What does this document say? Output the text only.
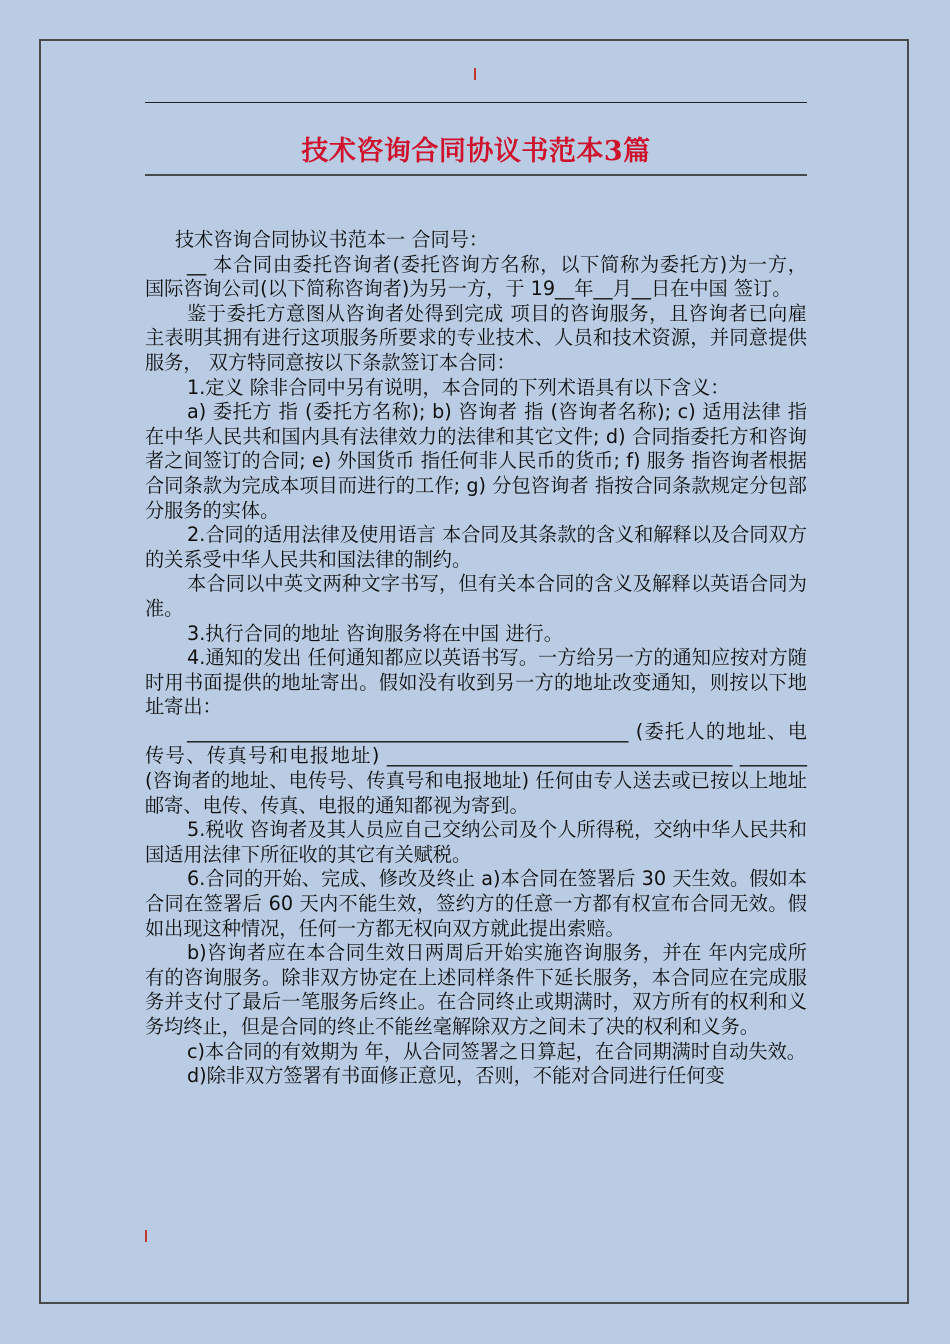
技术咨询合同协议书范本3篇

技术咨询合同协议书范本一 合同号：

__ 本合同由委托咨询者(委托咨询方名称，以下简称为委托方)为一方， 国际咨询公司(以下简称咨询者)为另一方，于 19__年__月__日在中国 签订。

鉴于委托方意图从咨询者处得到完成 项目的咨询服务，且咨询者已向雇主表明其拥有进行这项服务所要求的专业技术、人员和技术资源，并同意提供服务， 双方特同意按以下条款签订本合同：

1.定义 除非合同中另有说明，本合同的下列术语具有以下含义：

a) 委托方 指 (委托方名称); b) 咨询者 指 (咨询者名称); c) 适用法律 指在中华人民共和国内具有法律效力的法律和其它文件; d) 合同指委托方和咨询者之间签订的合同; e) 外国货币 指任何非人民币的货币; f) 服务 指咨询者根据合同条款为完成本项目而进行的工作; g) 分包咨询者 指按合同条款规定分包部分服务的实体。

2.合同的适用法律及使用语言 本合同及其条款的含义和解释以及合同双方的关系受中华人民共和国法律的制约。

本合同以中英文两种文字书写，但有关本合同的含义及解释以英语合同为准。

3.执行合同的地址 咨询服务将在中国 进行。

4.通知的发出 任何通知都应以英语书写。一方给另一方的通知应按对方随时用书面提供的地址寄出。假如没有收到另一方的地址改变通知，则按以下地址寄出：

______________________________________________ (委托人的地址、电传号、传真号和电报地址) ____________________________________ _______ (咨询者的地址、电传号、传真号和电报地址) 任何由专人送去或已按以上地址邮寄、电传、传真、电报的通知都视为寄到。

5.税收 咨询者及其人员应自己交纳公司及个人所得税，交纳中华人民共和国适用法律下所征收的其它有关赋税。

6.合同的开始、完成、修改及终止 a)本合同在签署后 30 天生效。假如本合同在签署后 60 天内不能生效，签约方的任意一方都有权宣布合同无效。假如出现这种情况，任何一方都无权向双方就此提出索赔。

b)咨询者应在本合同生效日两周后开始实施咨询服务，并在 年内完成所有的咨询服务。除非双方协定在上述同样条件下延长服务，本合同应在完成服务并支付了最后一笔服务后终止。在合同终止或期满时，双方所有的权利和义务均终止，但是合同的终止不能丝毫解除双方之间未了决的权利和义务。

c)本合同的有效期为 年，从合同签署之日算起，在合同期满时自动失效。

d)除非双方签署有书面修正意见，否则，不能对合同进行任何变
